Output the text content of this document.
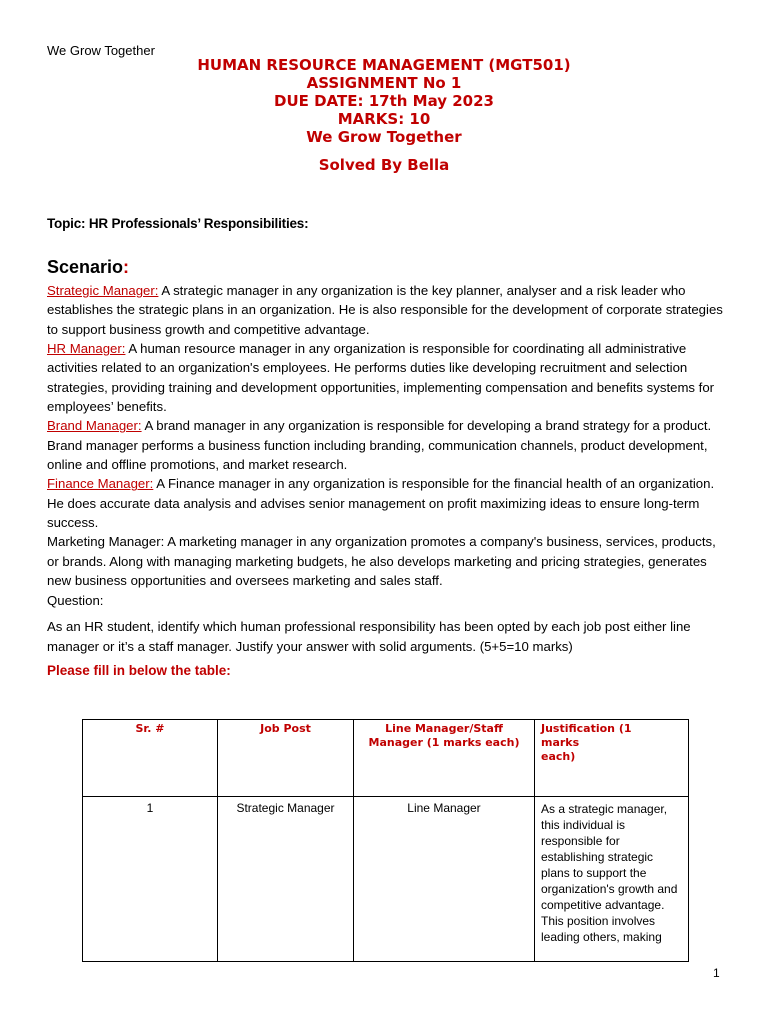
We Grow Together
HUMAN RESOURCE MANAGEMENT (MGT501)
ASSIGNMENT No 1
DUE DATE: 17th May 2023
MARKS: 10
We Grow Together
Solved By Bella
Topic: HR Professionals’ Responsibilities:
Scenario:

Strategic Manager: A strategic manager in any organization is the key planner, analyser and a risk leader who establishes the strategic plans in an organization. He is also responsible for the development of corporate strategies to support business growth and competitive advantage.

HR Manager: A human resource manager in any organization is responsible for coordinating all administrative activities related to an organization's employees. He performs duties like developing recruitment and selection strategies, providing training and development opportunities, implementing compensation and benefits systems for employees’ benefits.

Brand Manager: A brand manager in any organization is responsible for developing a brand strategy for a product. Brand manager performs a business function including branding, communication channels, product development, online and offline promotions, and market research.

Finance Manager: A Finance manager in any organization is responsible for the financial health of an organization. He does accurate data analysis and advises senior management on profit maximizing ideas to ensure long-term success.

Marketing Manager: A marketing manager in any organization promotes a company's business, services, products, or brands. Along with managing marketing budgets, he also develops marketing and pricing strategies, generates new business opportunities and oversees marketing and sales staff.

Question:

As an HR student, identify which human professional responsibility has been opted by each job post either line manager or it’s a staff manager. Justify your answer with solid arguments. (5+5=10 marks)
Please fill in below the table:
Sr. #	Job Post	Line Manager/Staff Manager (1 marks each)	Justification (1
marks
each)
1	Strategic Manager	Line Manager	As a strategic manager, this individual is responsible for establishing strategic plans to support the organization's growth and competitive advantage. This position involves leading others, making
1
